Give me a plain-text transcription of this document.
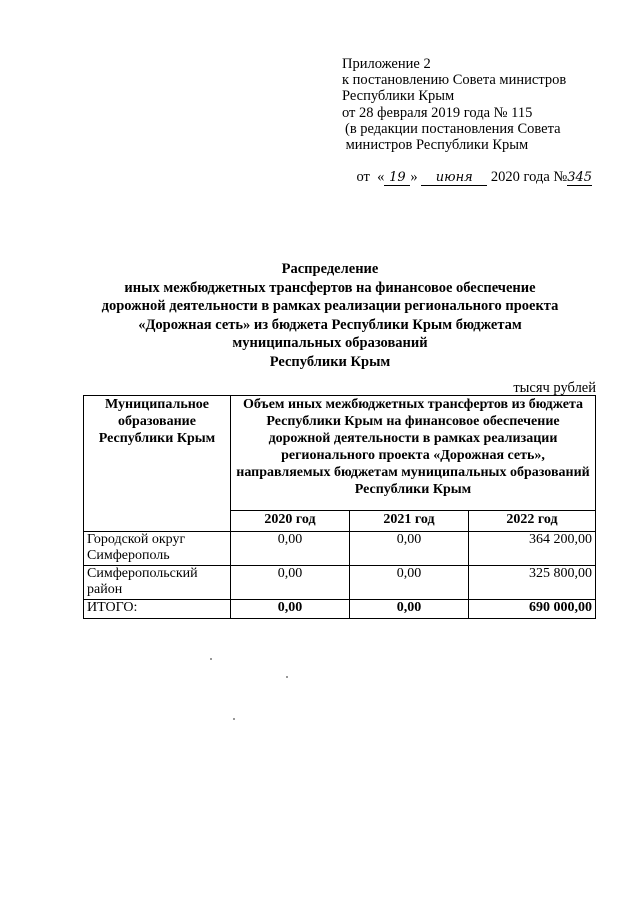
Приложение 2
к постановлению Совета министров
Республики Крым
от 28 февраля 2019 года № 115
(в редакции постановления Совета
министров Республики Крым

от  « 19 » июня 2020 года №345

Распределение
иных межбюджетных трансфертов на финансовое обеспечение
дорожной деятельности в рамках реализации регионального проекта
«Дорожная сеть» из бюджета Республики Крым бюджетам
муниципальных образований
Республики Крым
тысяч рублей
Муниципальное образование Республики Крым	Объем иных межбюджетных трансфертов из бюджета Республики Крым на финансовое обеспечение дорожной деятельности в рамках реализации регионального проекта «Дорожная сеть», направляемых бюджетам муниципальных образований Республики Крым		
	2020 год	2021 год	2022 год
Городской округ Симферополь	0,00	0,00	364 200,00
Симферопольский район	0,00	0,00	325 800,00
ИТОГО:	0,00	0,00	690 000,00
